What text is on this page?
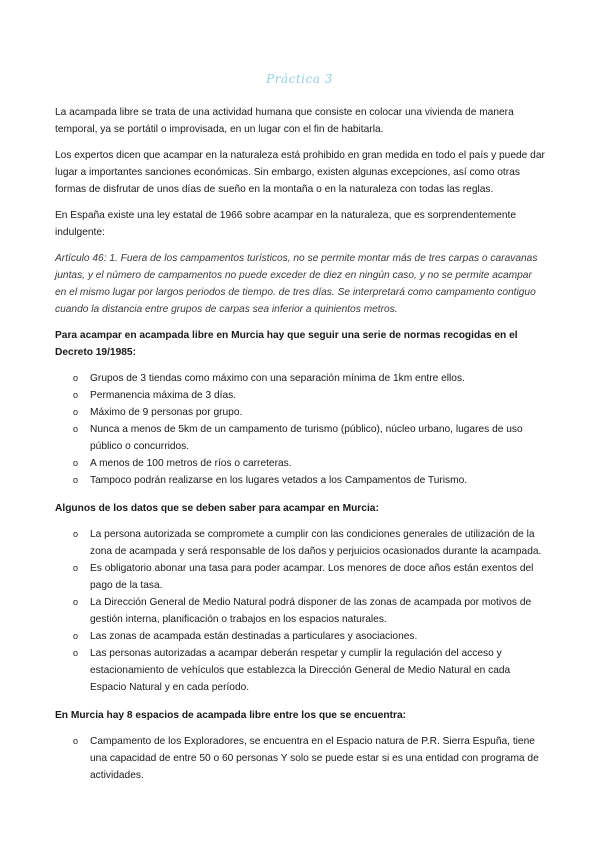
Práctica 3

La acampada libre se trata de una actividad humana que consiste en colocar una vivienda de manera temporal, ya se portátil o improvisada, en un lugar con el fin de habitarla.

Los expertos dicen que acampar en la naturaleza está prohibido en gran medida en todo el país y puede dar lugar a importantes sanciones económicas. Sin embargo, existen algunas excepciones, así como otras formas de disfrutar de unos días de sueño en la montaña o en la naturaleza con todas las reglas.

En España existe una ley estatal de 1966 sobre acampar en la naturaleza, que es sorprendentemente indulgente:

Artículo 46: 1. Fuera de los campamentos turísticos, no se permite montar más de tres carpas o caravanas juntas, y el número de campamentos no puede exceder de diez en ningún caso, y no se permite acampar en el mismo lugar por largos periodos de tiempo. de tres días. Se interpretará como campamento contiguo cuando la distancia entre grupos de carpas sea inferior a quinientos metros.

Para acampar en acampada libre en Murcia hay que seguir una serie de normas recogidas en el Decreto 19/1985:

o Grupos de 3 tiendas como máximo con una separación mínima de 1km entre ellos.
o Permanencia máxima de 3 días.
o Máximo de 9 personas por grupo.
o Nunca a menos de 5km de un campamento de turismo (público), núcleo urbano, lugares de uso público o concurridos.
o A menos de 100 metros de ríos o carreteras.
o Tampoco podrán realizarse en los lugares vetados a los Campamentos de Turismo.

Algunos de los datos que se deben saber para acampar en Murcia:

o La persona autorizada se compromete a cumplir con las condiciones generales de utilización de la zona de acampada y será responsable de los daños y perjuicios ocasionados durante la acampada.
o Es obligatorio abonar una tasa para poder acampar. Los menores de doce años están exentos del pago de la tasa.
o La Dirección General de Medio Natural podrá disponer de las zonas de acampada por motivos de gestión interna, planificación o trabajos en los espacios naturales.
o Las zonas de acampada están destinadas a particulares y asociaciones.
o Las personas autorizadas a acampar deberán respetar y cumplir la regulación del acceso y estacionamiento de vehículos que establezca la Dirección General de Medio Natural en cada Espacio Natural y en cada período.

En Murcia hay 8 espacios de acampada libre entre los que se encuentra:

o Campamento de los Exploradores, se encuentra en el Espacio natura de P.R. Sierra Espuña, tiene una capacidad de entre 50 o 60 personas Y solo se puede estar si es una entidad con programa de actividades.
